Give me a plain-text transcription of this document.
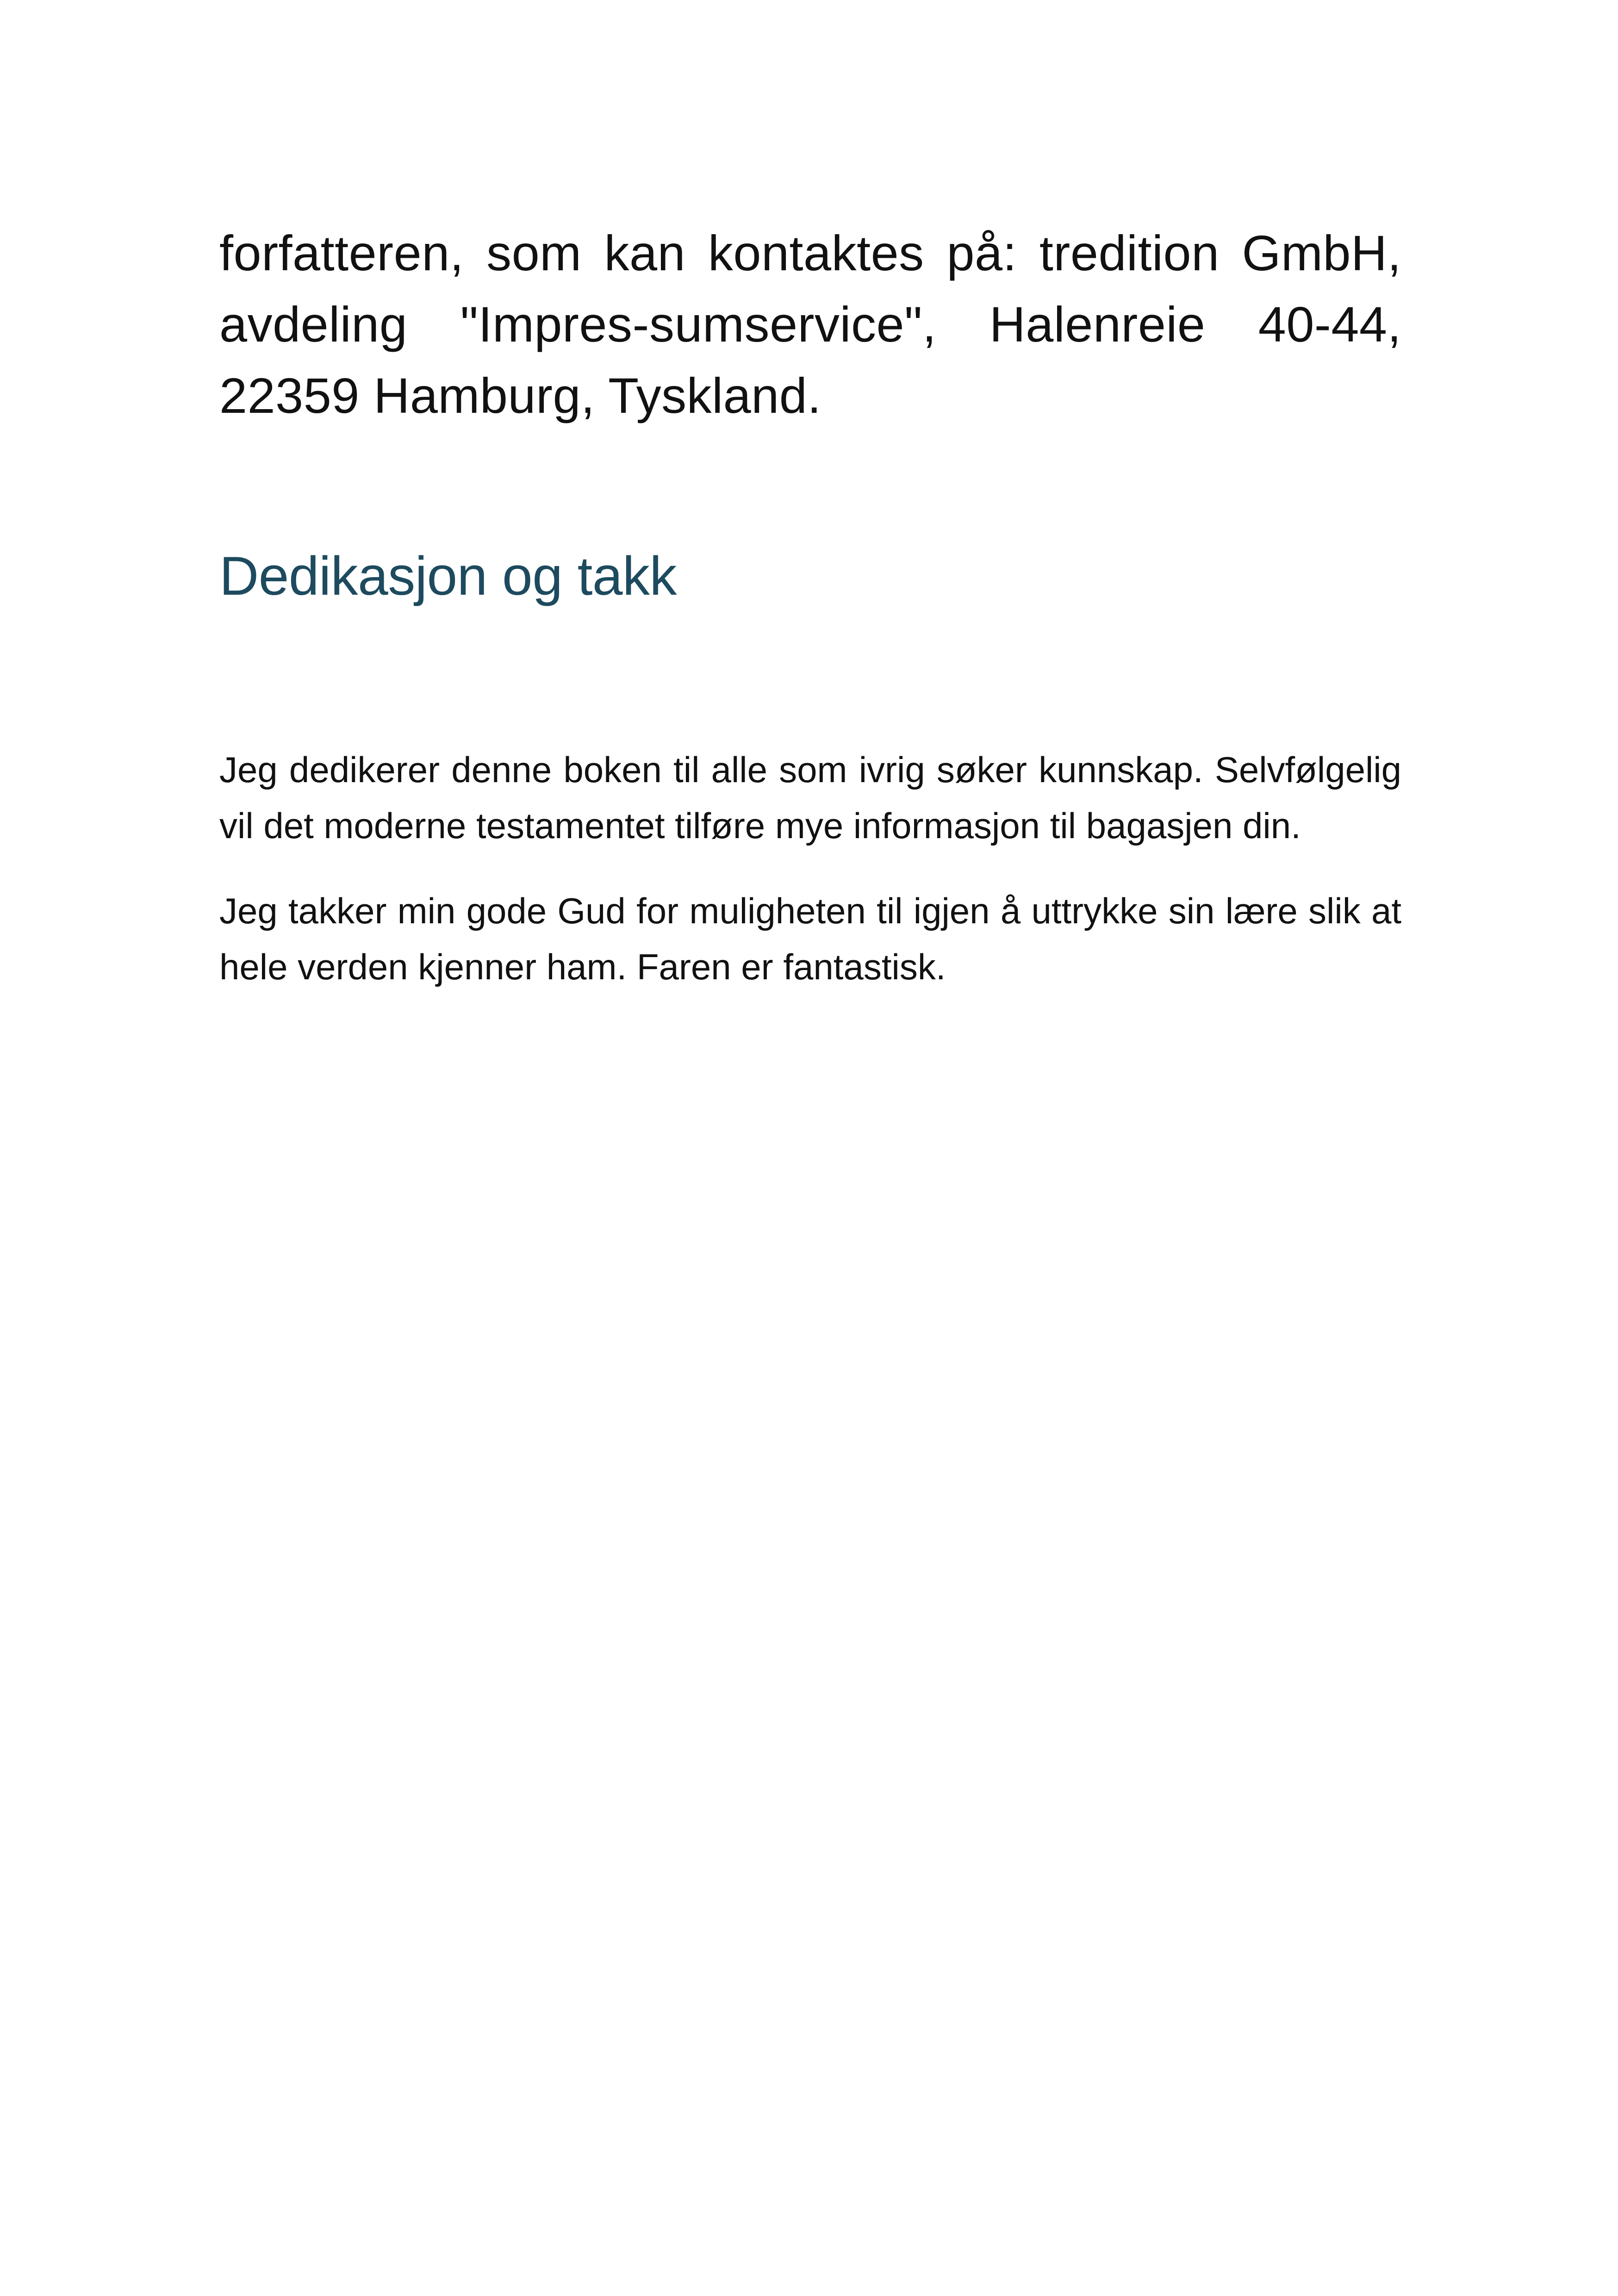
forfatteren, som kan kontaktes på: tredition GmbH, avdeling "Impres-sumservice", Halenreie 40-44, 22359 Hamburg, Tyskland.

Dedikasjon og takk

Jeg dedikerer denne boken til alle som ivrig søker kunnskap. Selvfølgelig vil det moderne testamentet tilføre mye informasjon til bagasjen din.

Jeg takker min gode Gud for muligheten til igjen å uttrykke sin lære slik at hele verden kjenner ham. Faren er fantastisk.
